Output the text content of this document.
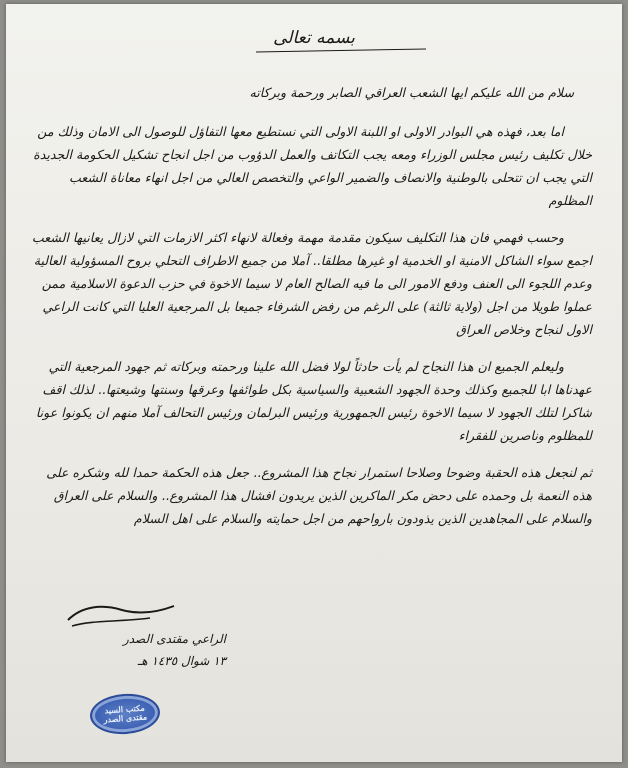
بسمه تعالى
سلام من الله عليكم ايها الشعب العراقي الصابر ورحمة وبركاته
اما بعد، فهذه هي البوادر الاولى او اللبنة الاولى التي نستطيع معها التفاؤل للوصول الى الامان وذلك من خلال تكليف رئيس مجلس الوزراء ومعه يجب التكاتف والعمل الدؤوب من اجل انجاح تشكيل الحكومة الجديدة التي يجب ان تتحلى بالوطنية والانصاف والضمير الواعي والتخصص العالي من اجل انهاء معاناة الشعب المظلوم
وحسب فهمي فان هذا التكليف سيكون مقدمة مهمة وفعالة لانهاء اكثر الازمات التي لازال يعانيها الشعب اجمع سواء الشاكل الامنية او الخدمية او غيرها مطلقا.. آملا من جميع الاطراف التحلي بروح المسؤولية العالية وعدم اللجوء الى العنف ودفع الامور الى ما فيه الصالح العام لا سيما الاخوة في حزب الدعوة الاسلامية ممن عملوا طويلا من اجل (ولاية ثالثة) على الرغم من رفض الشرفاء جميعا بل المرجعية العليا التي كانت الراعي الاول لنجاح وخلاص العراق
وليعلم الجميع ان هذا النجاح لم يأت حادثاً لولا فضل الله علينا ورحمته وبركاته ثم جهود المرجعية التي عهدناها ابا للجميع وكذلك وحدة الجهود الشعبية والسياسية بكل طوائفها وعرقها وسنتها وشيعتها.. لذلك اقف شاكرا لتلك الجهود لا سيما الاخوة رئيس الجمهورية ورئيس البرلمان ورئيس التحالف آملا منهم ان يكونوا عونا للمظلوم وناصرين للفقراء
ثم لنجعل هذه الحقبة وضوحا وصلاحا استمرار نجاح هذا المشروع.. جعل هذه الحكمة حمدا لله وشكره على هذه النعمة بل وحمده على دحض مكر الماكرين الذين يريدون افشال هذا المشروع.. والسلام على العراق والسلام على المجاهدين الذين يذودون بارواحهم من اجل حمايته والسلام على اهل السلام
الراعي مقتدى الصدر
١٣ شوال ١٤٣٥ هـ
مكتب السيد مقتدى الصدر
